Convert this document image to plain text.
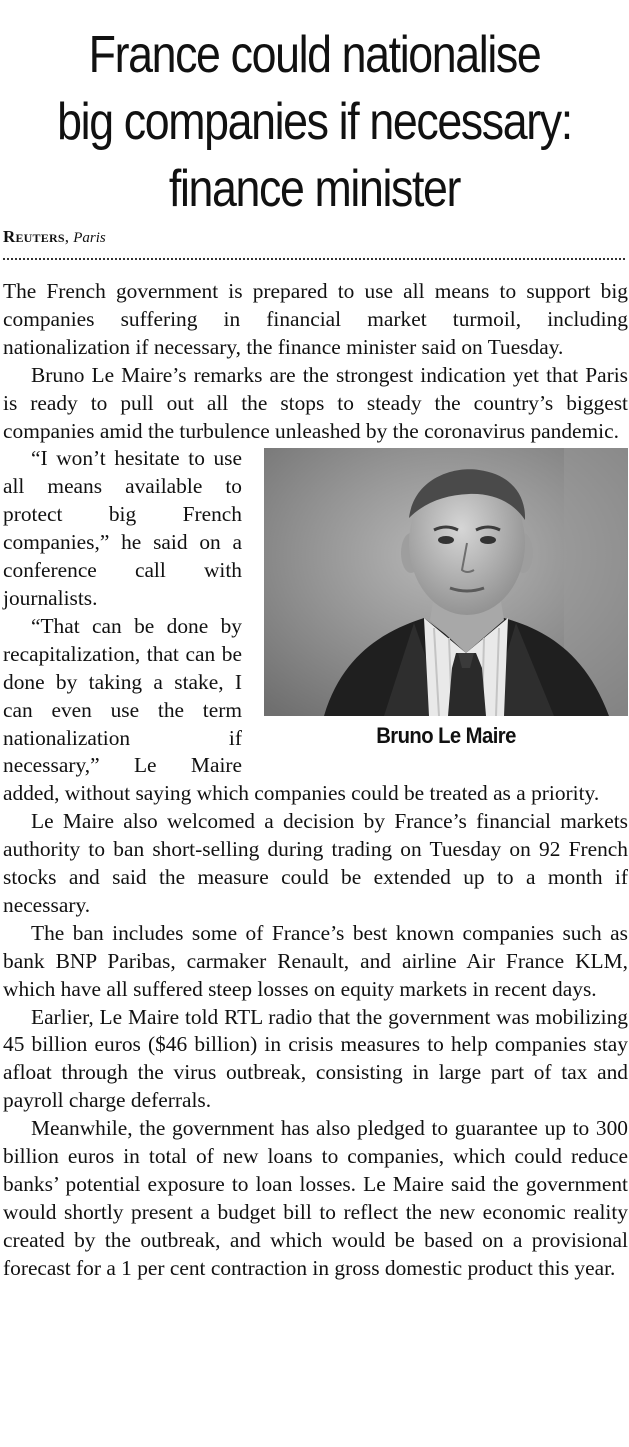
France could nationalise
big companies if necessary:
finance minister
Reuters, Paris

The French government is prepared to use all means to support big companies suffering in financial market turmoil, including nationalization if necessary, the finance minister said on Tuesday.

Bruno Le Maire’s remarks are the strongest indication yet that Paris is ready to pull out all the stops to steady the country’s biggest companies amid the turbulence unleashed by the coronavirus pandemic.

Bruno Le Maire

“I won’t hesitate to use all means available to protect big French companies,” he said on a conference call with journalists.

“That can be done by recapitalization, that can be done by taking a stake, I can even use the term nationalization if necessary,” Le Maire added, without saying which companies could be treated as a priority.

Le Maire also welcomed a decision by France’s financial markets authority to ban short-selling during trading on Tuesday on 92 French stocks and said the measure could be extended up to a month if necessary.

The ban includes some of France’s best known companies such as bank BNP Paribas, carmaker Renault, and airline Air France KLM, which have all suffered steep losses on equity markets in recent days.

Earlier, Le Maire told RTL radio that the government was mobilizing 45 billion euros ($46 billion) in crisis measures to help companies stay afloat through the virus outbreak, consisting in large part of tax and payroll charge deferrals.

Meanwhile, the government has also pledged to guarantee up to 300 billion euros in total of new loans to companies, which could reduce banks’ potential exposure to loan losses. Le Maire said the government would shortly present a budget bill to reflect the new economic reality created by the outbreak, and which would be based on a provisional forecast for a 1 per cent contraction in gross domestic product this year.
